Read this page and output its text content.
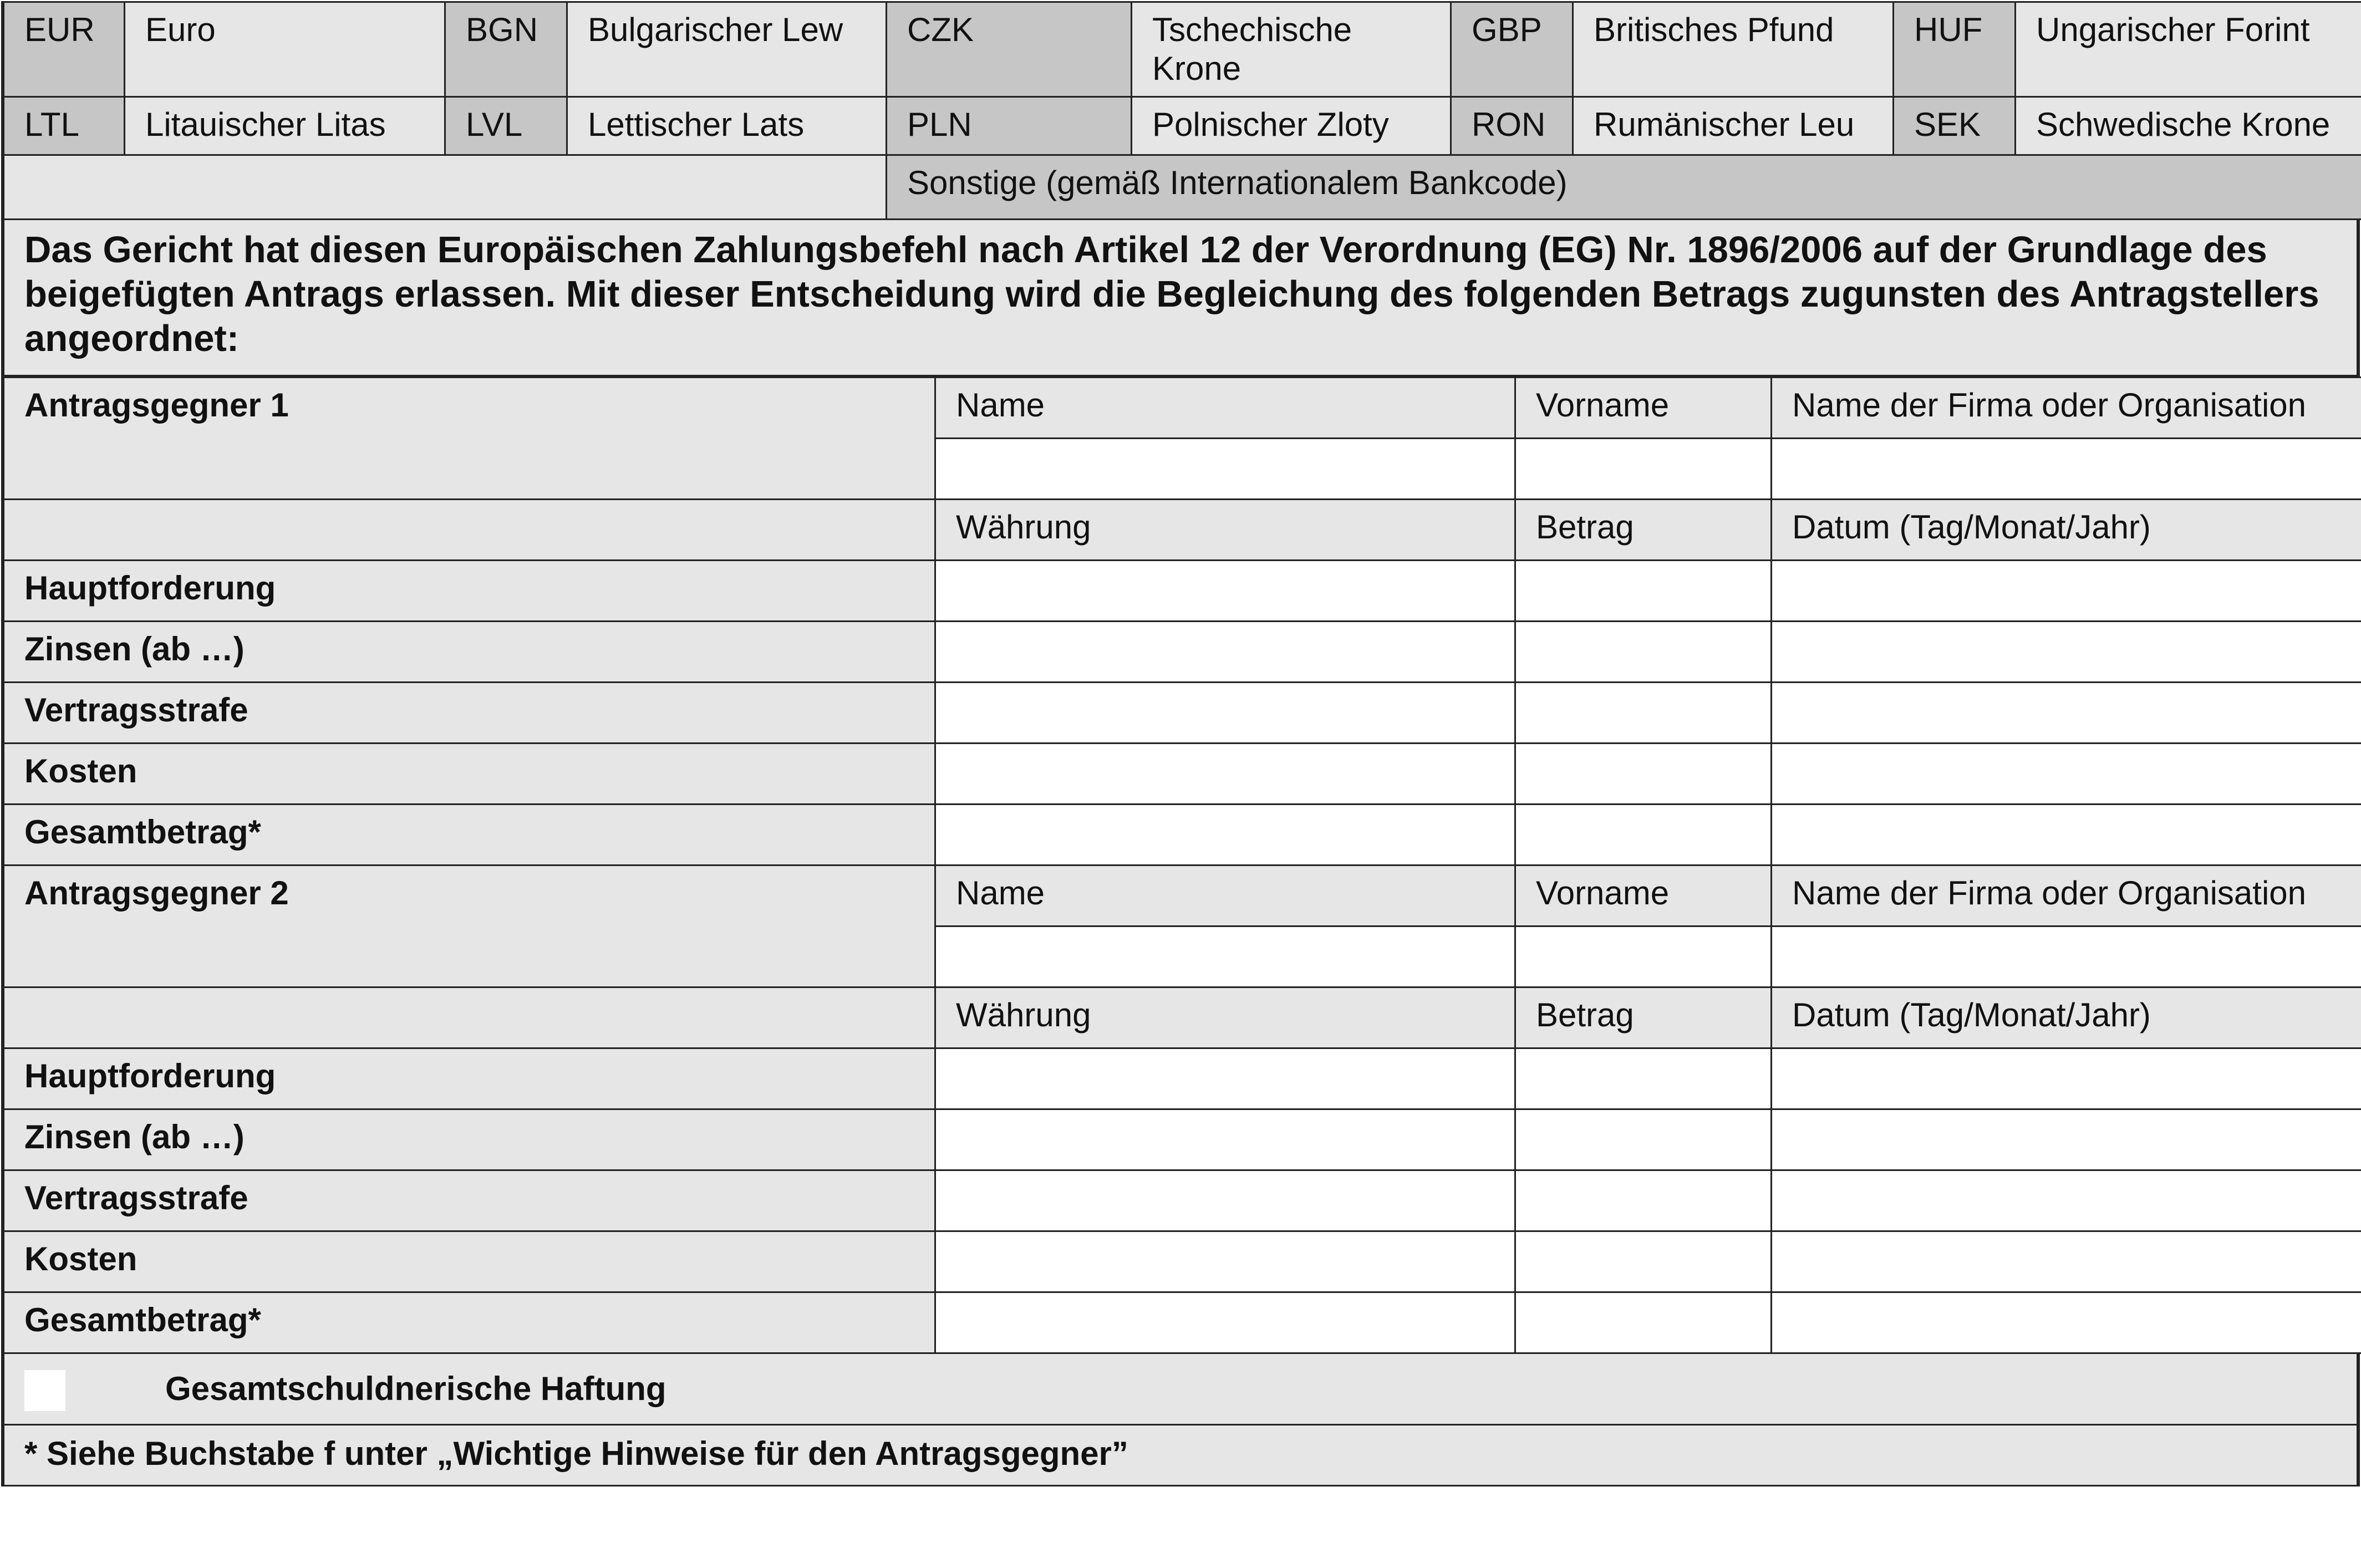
EUR	Euro	BGN	Bulgarischer Lew	CZK	Tschechische Krone	GBP	Britisches Pfund	HUF	Ungarischer Forint
LTL	Litauischer Litas	LVL	Lettischer Lats	PLN	Polnischer Zloty	RON	Rumänischer Leu	SEK	Schwedische Krone
				Sonstige (gemäß Internationalem Bankcode)					
Das Gericht hat diesen Europäischen Zahlungsbefehl nach Artikel 12 der Verordnung (EG) Nr. 1896/2006 auf der Grundlage des beigefügten Antrags erlassen. Mit dieser Entscheidung wird die Begleichung des folgenden Betrags zugunsten des Antragstellers angeordnet:
Antragsgegner 1	Name	Vorname	Name der Firma oder Organisation

	Währung	Betrag	Datum (Tag/Monat/Jahr)
Hauptforderung			
Zinsen (ab …)			
Vertragsstrafe			
Kosten			
Gesamtbetrag*			
Antragsgegner 2	Name	Vorname	Name der Firma oder Organisation

	Währung	Betrag	Datum (Tag/Monat/Jahr)
Hauptforderung			
Zinsen (ab …)			
Vertragsstrafe			
Kosten			
Gesamtbetrag*			
Gesamtschuldnerische Haftung
* Siehe Buchstabe f unter „Wichtige Hinweise für den Antragsgegner”
